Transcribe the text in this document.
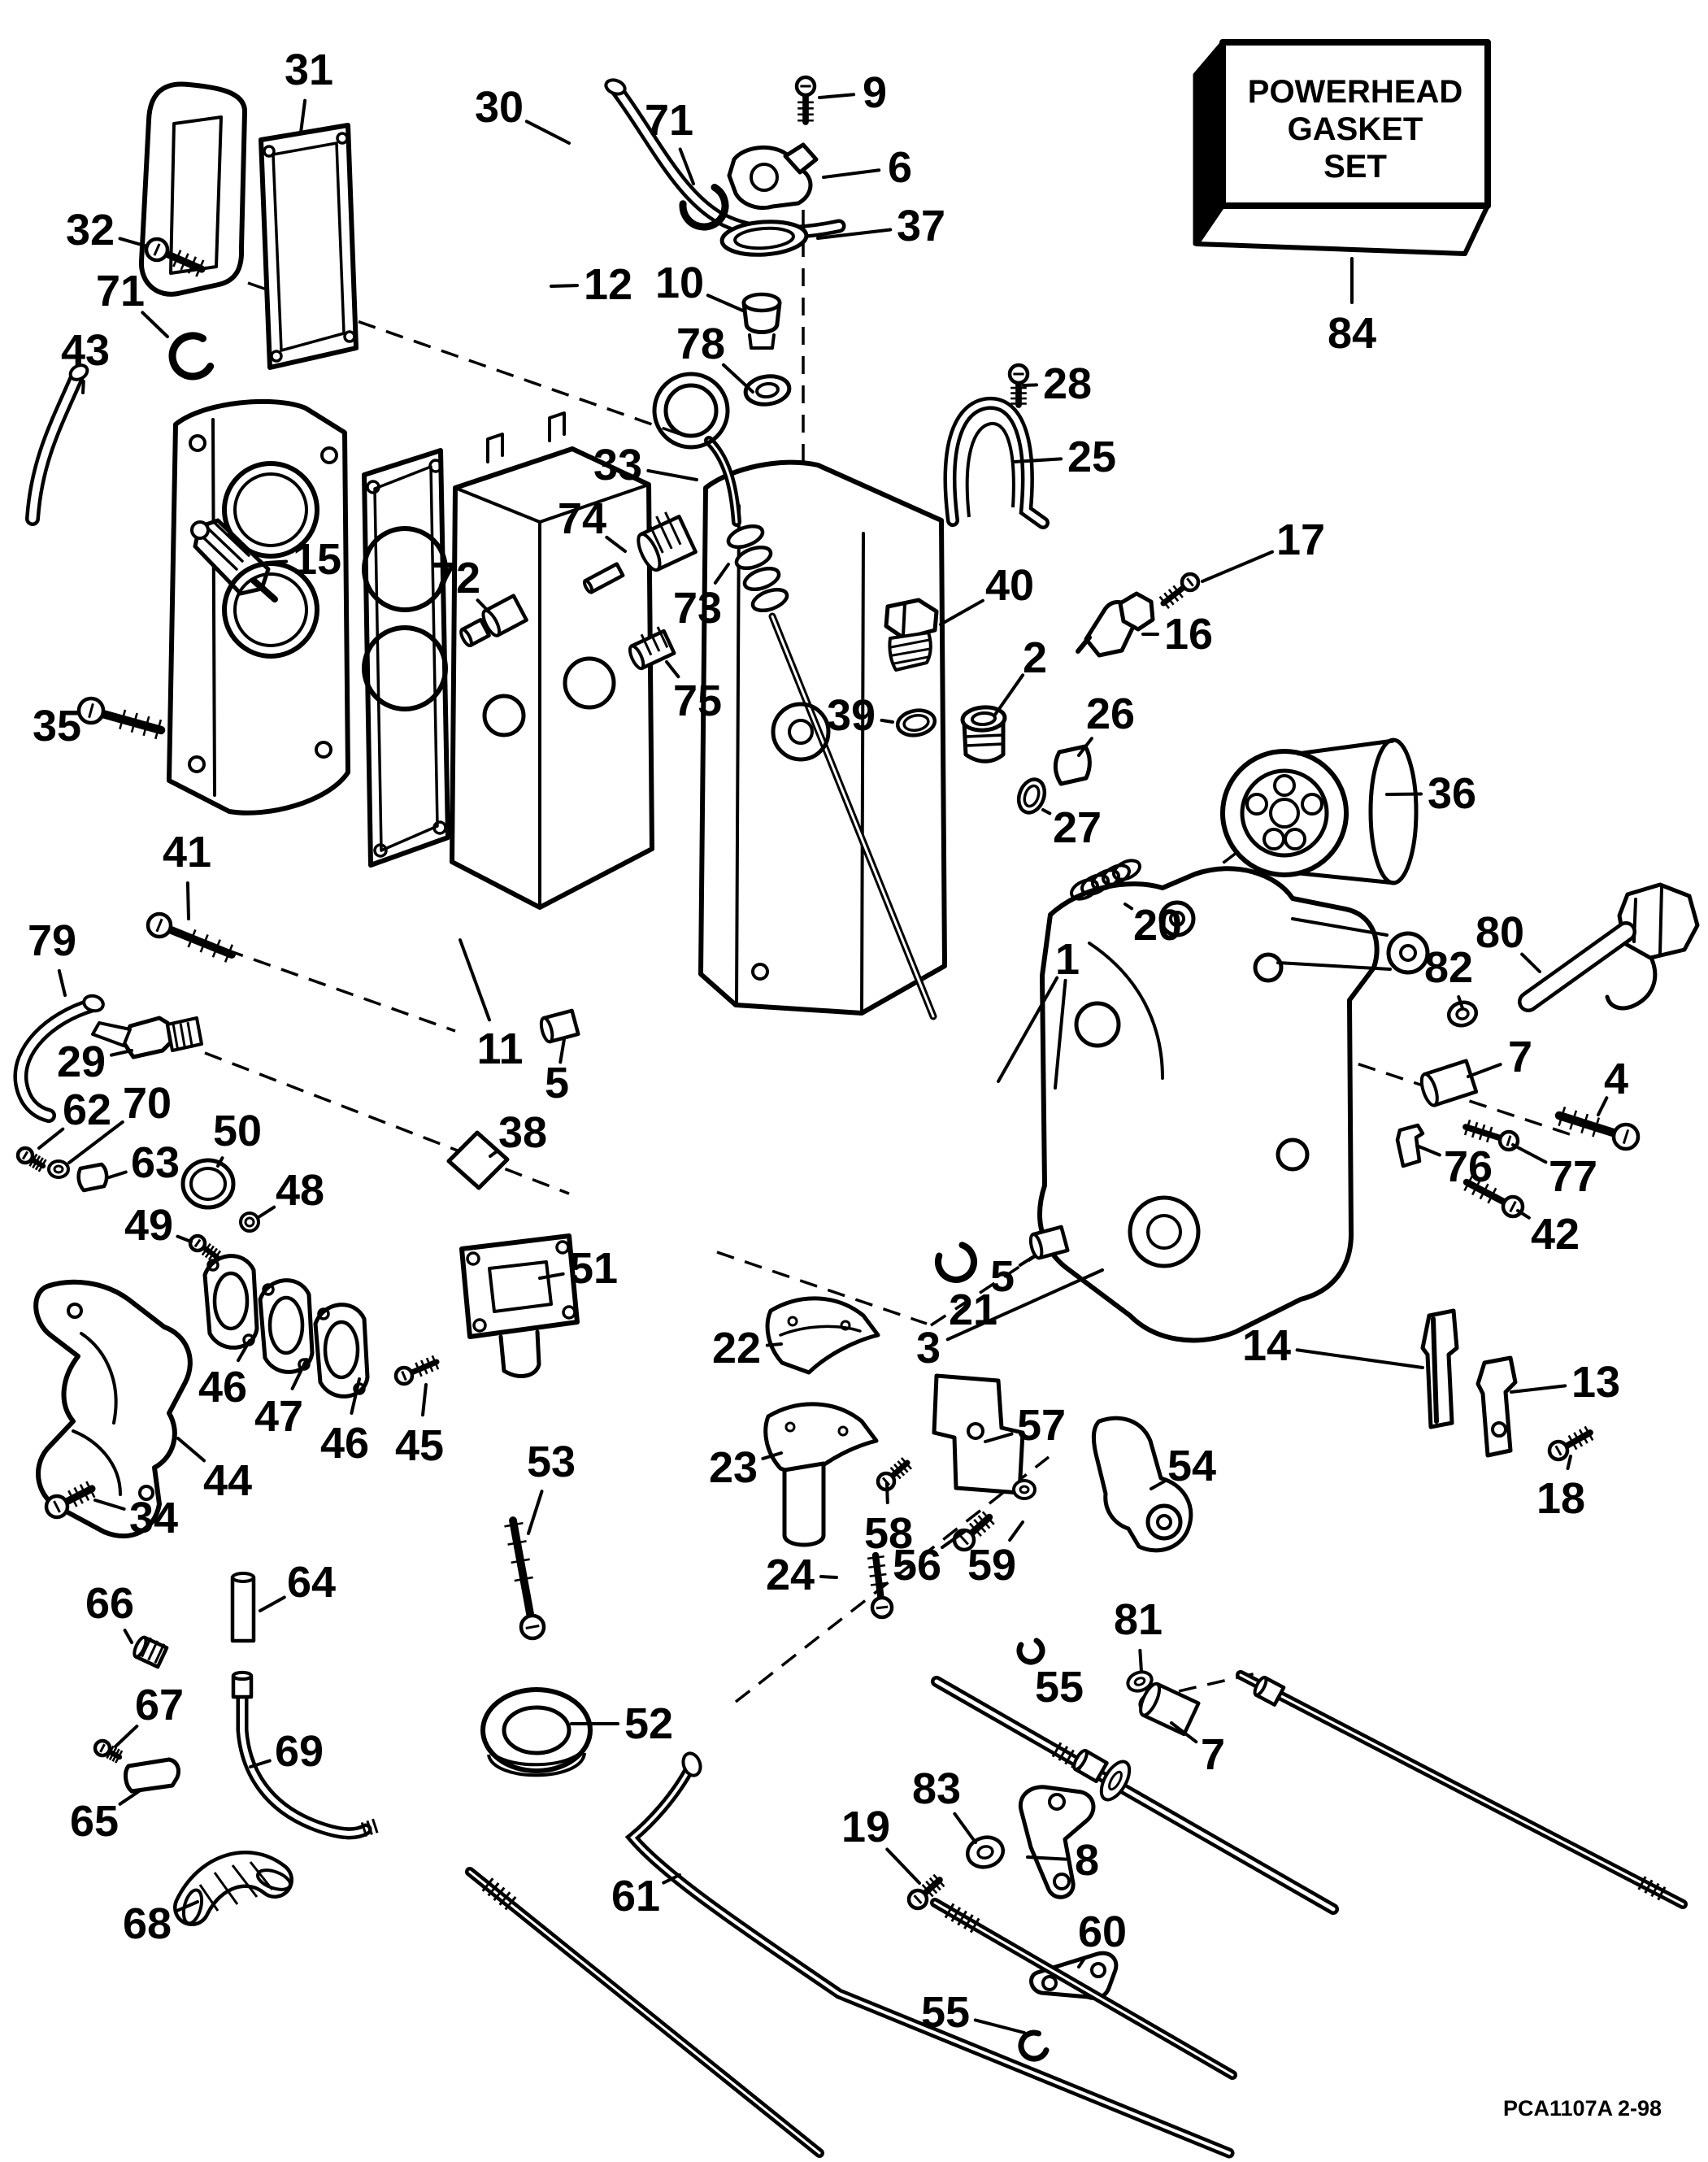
31	9
30	71
6
37
32
71	12 10
78
43
28
25
33
74
15	17
16
72
73	40
2
26
75 39
35
27
36
20
41
80
1	82
79
7
29	4
62 70	5
11
63
50	38
76 77
48
49	42
21
5
51
3
22	14
13
46
47
46 45	57
23	54
44	53
34	18
58
56 59
24
64
66	81
55
67	52
69	7
83
65	19
8
61
68	60
55
84
POWERHEAD
GASKET
SET
PCA1107A 2-98
